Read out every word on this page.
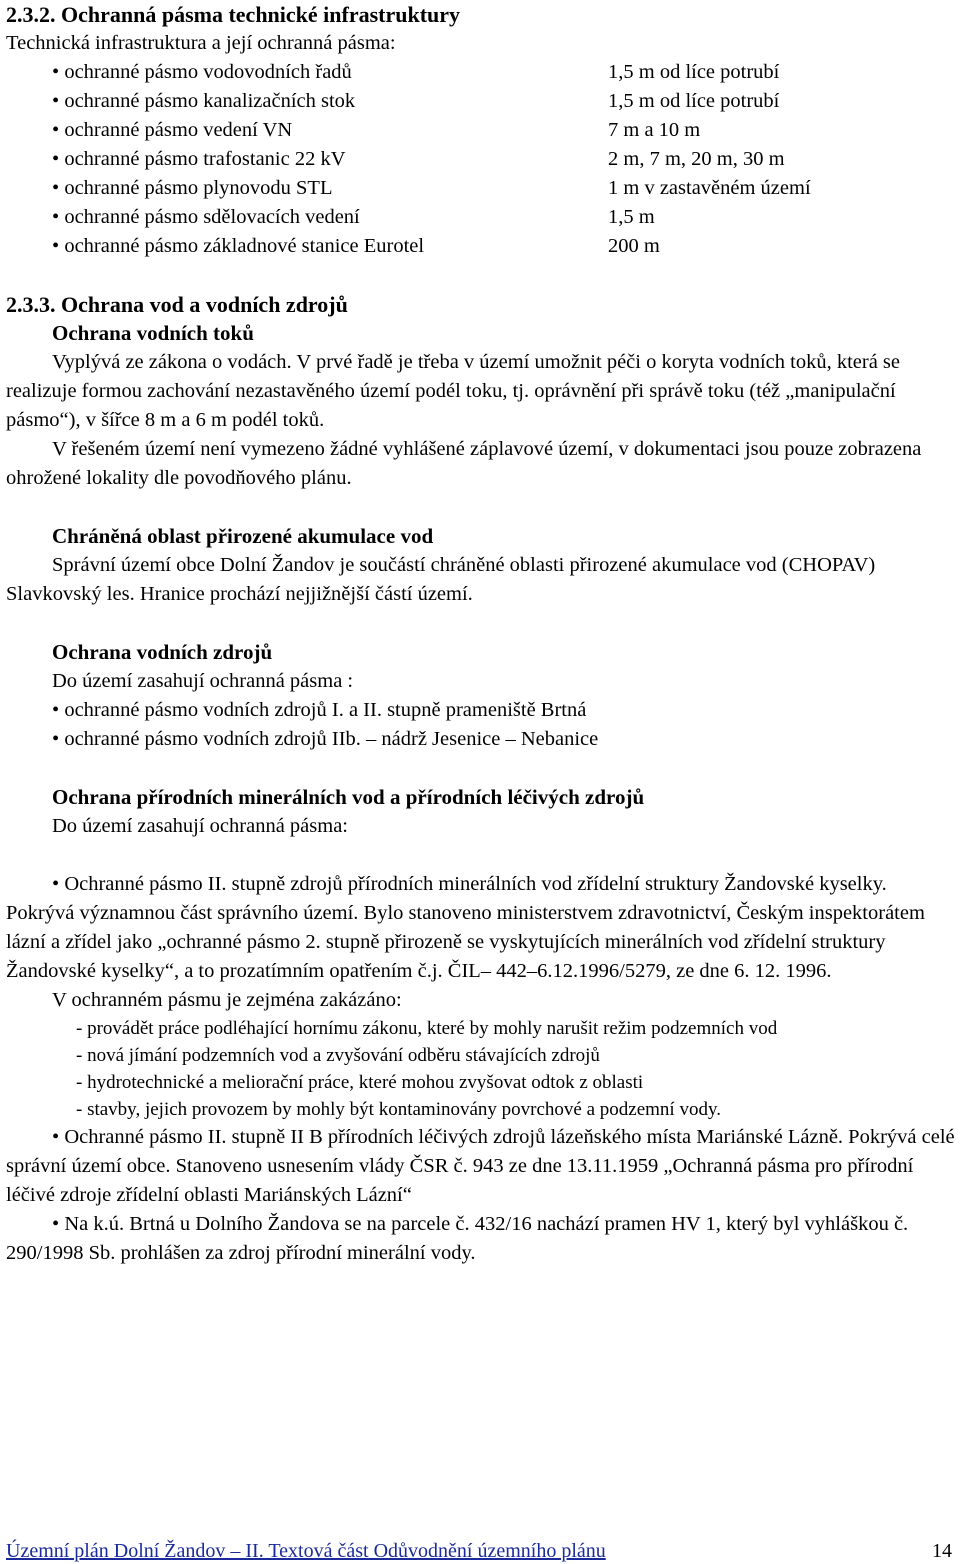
2.3.2. Ochranná pásma technické infrastruktury

Technická infrastruktura a její ochranná pásma:

• ochranné pásmo vodovodních řadů	1,5 m od líce potrubí
• ochranné pásmo kanalizačních stok	1,5 m od líce potrubí
• ochranné pásmo vedení VN	7 m a 10 m
• ochranné pásmo trafostanic 22 kV	2 m, 7 m, 20 m, 30 m
• ochranné pásmo plynovodu STL	1 m v zastavěném území
• ochranné pásmo sdělovacích vedení	1,5 m
• ochranné pásmo základnové stanice Eurotel	200 m

2.3.3. Ochrana vod a vodních zdrojů

Ochrana vodních toků

Vyplývá ze zákona o vodách. V prvé řadě je třeba v území umožnit péči o koryta vodních toků, která se realizuje formou zachování nezastavěného území podél toku, tj. oprávnění při správě toku (též „manipulační pásmo“), v šířce 8 m a 6 m podél toků.

V řešeném území není vymezeno žádné vyhlášené záplavové území, v dokumentaci jsou pouze zobrazena ohrožené lokality dle povodňového plánu.

Chráněná oblast přirozené akumulace vod

Správní území obce Dolní Žandov je součástí chráněné oblasti přirozené akumulace vod (CHOPAV) Slavkovský les. Hranice prochází nejjižnější částí území.

Ochrana vodních zdrojů

Do území zasahují ochranná pásma :

• ochranné pásmo vodních zdrojů I. a II. stupně prameniště Brtná

• ochranné pásmo vodních zdrojů IIb. – nádrž Jesenice – Nebanice

Ochrana přírodních minerálních vod a přírodních léčivých zdrojů

Do území zasahují ochranná pásma:

• Ochranné pásmo II. stupně zdrojů přírodních minerálních vod zřídelní struktury Žandovské kyselky. Pokrývá významnou část správního území. Bylo stanoveno ministerstvem zdravotnictví, Českým inspektorátem lázní a zřídel jako „ochranné pásmo 2. stupně přirozeně se vyskytujících minerálních vod zřídelní struktury Žandovské kyselky“, a to prozatímním opatřením č.j. ČIL– 442–6.12.1996/5279, ze dne 6. 12. 1996.

V ochranném pásmu je zejména zakázáno:

- provádět práce podléhající hornímu zákonu, které by mohly narušit režim podzemních vod

- nová jímání podzemních vod a zvyšování odběru stávajících zdrojů

- hydrotechnické a meliorační práce, které mohou zvyšovat odtok z oblasti

- stavby, jejich provozem by mohly být kontaminovány povrchové a podzemní vody.

• Ochranné pásmo II. stupně II B přírodních léčivých zdrojů lázeňského místa Mariánské Lázně. Pokrývá celé správní území obce. Stanoveno usnesením vlády ČSR č. 943 ze dne 13.11.1959 „Ochranná pásma pro přírodní léčivé zdroje zřídelní oblasti Mariánských Lázní“

• Na k.ú. Brtná u Dolního Žandova se na parcele č. 432/16 nachází pramen HV 1, který byl vyhláškou č. 290/1998 Sb. prohlášen za zdroj přírodní minerální vody.

Územní plán Dolní Žandov – II. Textová část Odůvodnění územního plánu	14
